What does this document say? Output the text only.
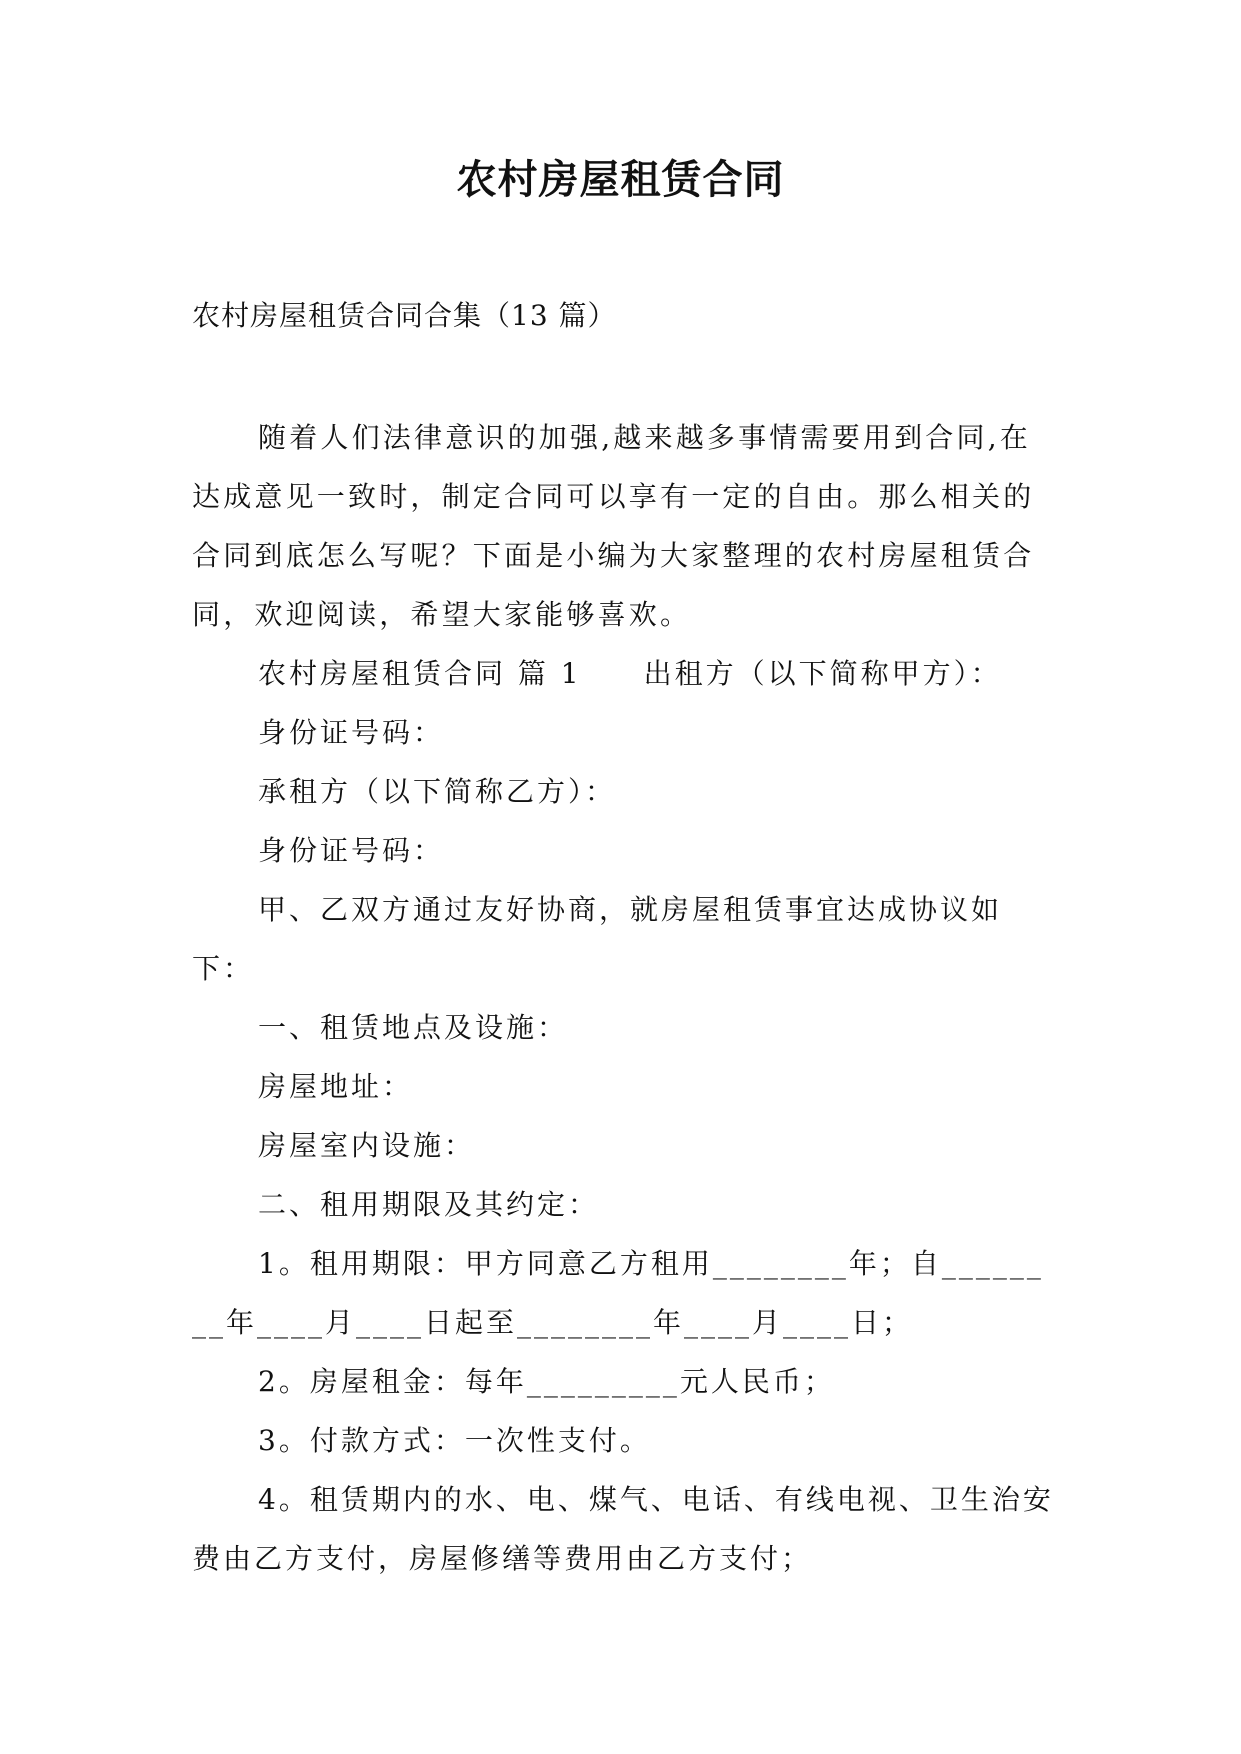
农村房屋租赁合同
农村房屋租赁合同合集（13 篇）

随着人们法律意识的加强,越来越多事情需要用到合同,在达成意见一致时，制定合同可以享有一定的自由。那么相关的合同到底怎么写呢？下面是小编为大家整理的农村房屋租赁合同，欢迎阅读，希望大家能够喜欢。

农村房屋租赁合同 篇 1 出租方（以下简称甲方）：

身份证号码：

承租方（以下简称乙方）：

身份证号码：

甲、乙双方通过友好协商，就房屋租赁事宜达成协议如下：

一、租赁地点及设施：

房屋地址：

房屋室内设施：

二、租用期限及其约定：

1。租用期限：甲方同意乙方租用________年；自________年____月____日起至________年____月____日；

2。房屋租金：每年_________元人民币；

3。付款方式：一次性支付。

4。租赁期内的水、电、煤气、电话、有线电视、卫生治安费由乙方支付，房屋修缮等费用由乙方支付；
